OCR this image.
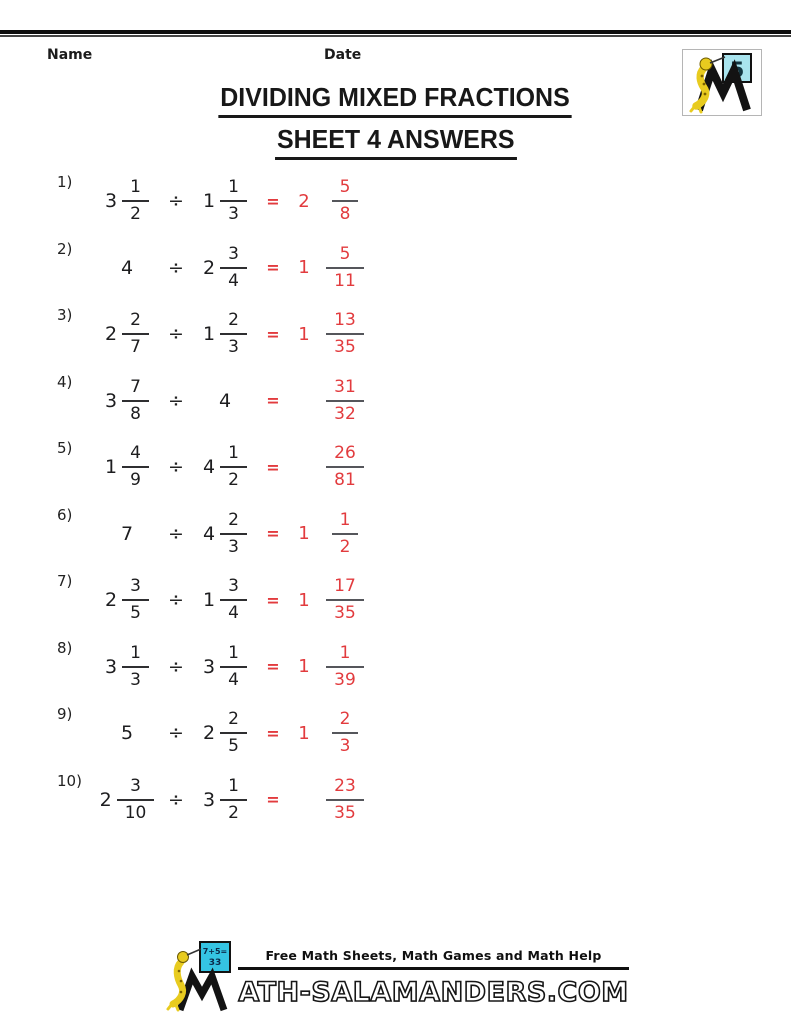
Name	Date
5
DIVIDING MIXED FRACTIONS
SHEET 4 ANSWERS
1)
$3 \frac{1}{2}$	÷	$1 \frac{1}{3}$	=	2	$\frac{5}{8}$
2)
4	÷	$2 \frac{3}{4}$	=	$1 \frac{5}{11}$
3)
$2 \frac{2}{7}$	÷	$1 \frac{2}{3}$	=	$1 \frac{13}{35}$
4)
$3 \frac{7}{8}$	÷	4	=	$\frac{31}{32}$
5)
$1 \frac{4}{9}$	÷	$4 \frac{1}{2}$	=	$\frac{26}{81}$
6)
7	÷	$4 \frac{2}{3}$	=	1	$\frac{1}{2}$
7)
$2 \frac{3}{5}$	÷	$1 \frac{3}{4}$	=	$1 \frac{17}{35}$
8)
$3 \frac{1}{3}$	÷	$3 \frac{1}{4}$	=	$1 \frac{1}{39}$
9)
5	÷	$2 \frac{2}{5}$	=	1	$\frac{2}{3}$
10)
$2 \frac{3}{10}$ ÷	$3 \frac{1}{2}$	=	$\frac{23}{35}$
7+5=
33	Free Math Sheets, Math Games and Math Help
ATH-SALAMANDERS.COM
